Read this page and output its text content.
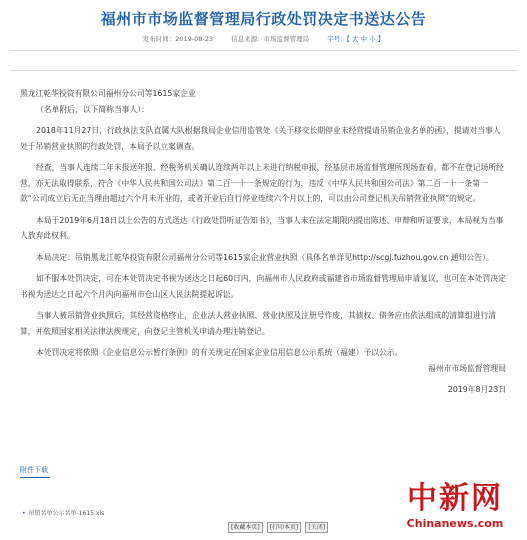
福州市市场监督管理局行政处罚决定书送达公告
发布时间：2019-08-23	信息来源：市场监督管理局	字号：【 大 中 小 】

黑龙江乾华投资有限公司福州分公司等1615家企业

（名单附后，以下简称当事人）：

2018年11月27日，行政执法支队直属大队根据我局企业信用监管处《关于移交长期停业未经营提请吊销企业名单的函》，提请对当事人处于吊销营业执照的行政处罚，本局予以立案调查。

经查，当事人连续二年未报送年报、经税务机关确认连续两年以上未进行纳税申报，经基层市场监督管理所现场查看，都不在登记场所经营，亦无法取得联系，符合《中华人民共和国公司法》第二百一十一条规定的行为，违反《中华人民共和国公司法》第二百一十一条第一款“公司成立后无正当理由超过六个月未开业的，或者开业后自行停业连续六个月以上的，可以由公司登记机关吊销营业执照”的规定。

本局于2019年6月18日以上公告的方式送达《行政处罚听证告知书》，当事人未在法定期限内提出陈述、申辩和听证要求，本局视为当事人放弃此权利。

本局决定：吊销黑龙江乾华投资有限公司福州分公司等1615家企业营业执照（具体名单详见http://scgj.fuzhou.gov.cn 通知公告）。

如不服本处罚决定，可在本处罚决定书视为送达之日起60日内，向福州市人民政府或福建省市场监督管理局申请复议，也可在本处罚决定书视为送达之日起六个月内向福州市仓山区人民法院提起诉讼。

当事人被吊销营业执照后，其经营资格终止，企业法人营业执照、营业执照及注册号作废，其债权、债务应由依法组成的清算组进行清算，并依照国家相关法律法规规定，向登记主管机关申请办理注销登记。

本处罚决定将依照《企业信息公示暂行条例》的有关规定在国家企业信用信息公示系统（福建）予以公示。

福州市市场监督管理局

2019年8月23日

附件下载
• 吊销名单公示名单-1615.xls
[收藏本页]	[打印本页]	[关闭]
中新网
Chinanews.com
